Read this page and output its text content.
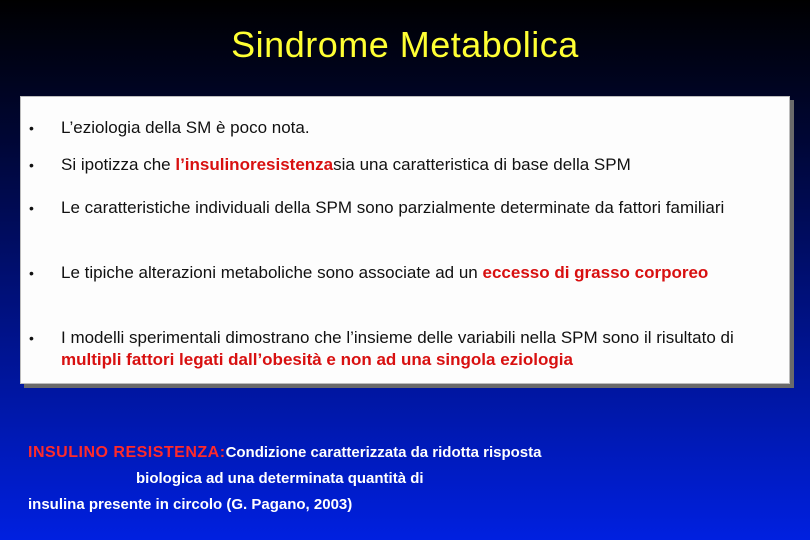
Sindrome Metabolica
• L’eziologia della SM è poco nota.
• Si ipotizza che l’insulinoresistenzasia una caratteristica di base della SPM
• Le caratteristiche individuali della SPM sono parzialmente determinate da fattori familiari
• Le tipiche alterazioni metaboliche sono associate ad un eccesso di grasso corporeo
• I modelli sperimentali dimostrano che l’insieme delle variabili nella SPM sono il risultato di multipli fattori legati dall’obesità e non ad una singola eziologia
INSULINO RESISTENZA:Condizione caratterizzata da ridotta risposta
biologica ad una determinata quantità di
insulina presente in circolo (G. Pagano, 2003)
